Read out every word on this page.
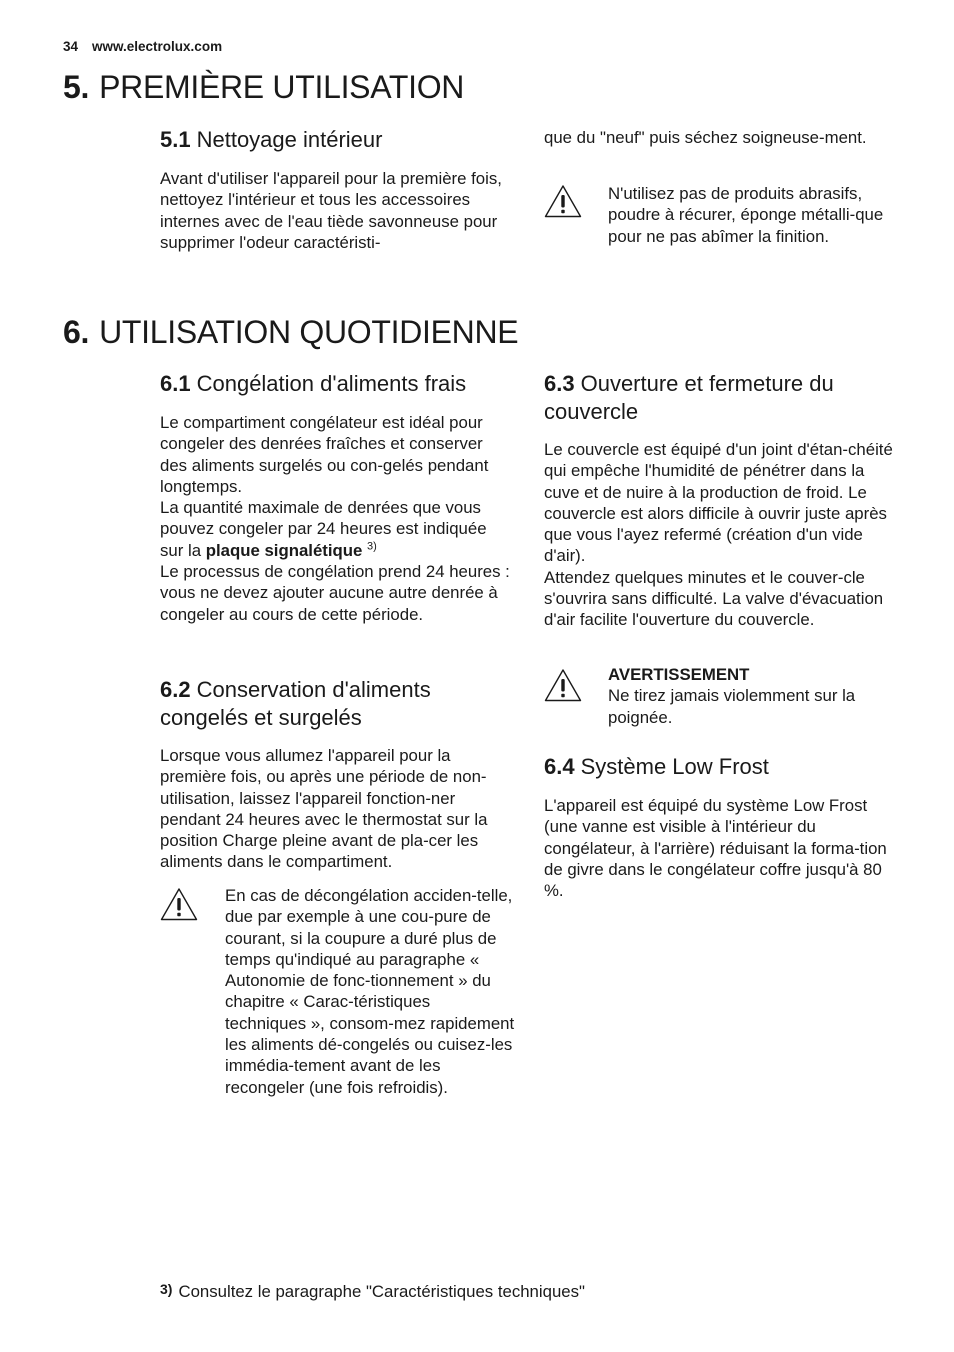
34 www.electrolux.com
5. PREMIÈRE UTILISATION
5.1 Nettoyage intérieur

Avant d'utiliser l'appareil pour la première fois, nettoyez l'intérieur et tous les accessoires internes avec de l'eau tiède savonneuse pour supprimer l'odeur caractéristi-

que du "neuf" puis séchez soigneuse-ment.

N'utilisez pas de produits abrasifs, poudre à récurer, éponge métalli-que pour ne pas abîmer la finition.

6. UTILISATION QUOTIDIENNE
6.1 Congélation d'aliments frais

Le compartiment congélateur est idéal pour congeler des denrées fraîches et conserver des aliments surgelés ou con-gelés pendant longtemps.

La quantité maximale de denrées que vous pouvez congeler par 24 heures est indiquée sur la plaque signalétique $^{3)}$

Le processus de congélation prend 24 heures : vous ne devez ajouter aucune autre denrée à congeler au cours de cette période.

6.2 Conservation d'aliments congelés et surgelés

Lorsque vous allumez l'appareil pour la première fois, ou après une période de non-utilisation, laissez l'appareil fonction-ner pendant 24 heures avec le thermostat sur la position Charge pleine avant de pla-cer les aliments dans le compartiment.

En cas de décongélation acciden-telle, due par exemple à une cou-pure de courant, si la coupure a duré plus de temps qu'indiqué au paragraphe « Autonomie de fonc-tionnement » du chapitre « Carac-téristiques techniques », consom-mez rapidement les aliments dé-congelés ou cuisez-les immédia-tement avant de les recongeler (une fois refroidis).

6.3 Ouverture et fermeture du couvercle

Le couvercle est équipé d'un joint d'étan-chéité qui empêche l'humidité de pénétrer dans la cuve et de nuire à la production de froid. Le couvercle est alors difficile à ouvrir juste après que vous l'ayez refermé (création d'un vide d'air).

Attendez quelques minutes et le couver-cle s'ouvrira sans difficulté. La valve d'évacuation d'air facilite l'ouverture du couvercle.

AVERTISSEMENT

Ne tirez jamais violemment sur la poignée.

6.4 Système Low Frost

L'appareil est équipé du système Low Frost (une vanne est visible à l'intérieur du congélateur, à l'arrière) réduisant la forma-tion de givre dans le congélateur coffre jusqu'à 80 %.

3) Consultez le paragraphe "Caractéristiques techniques"
